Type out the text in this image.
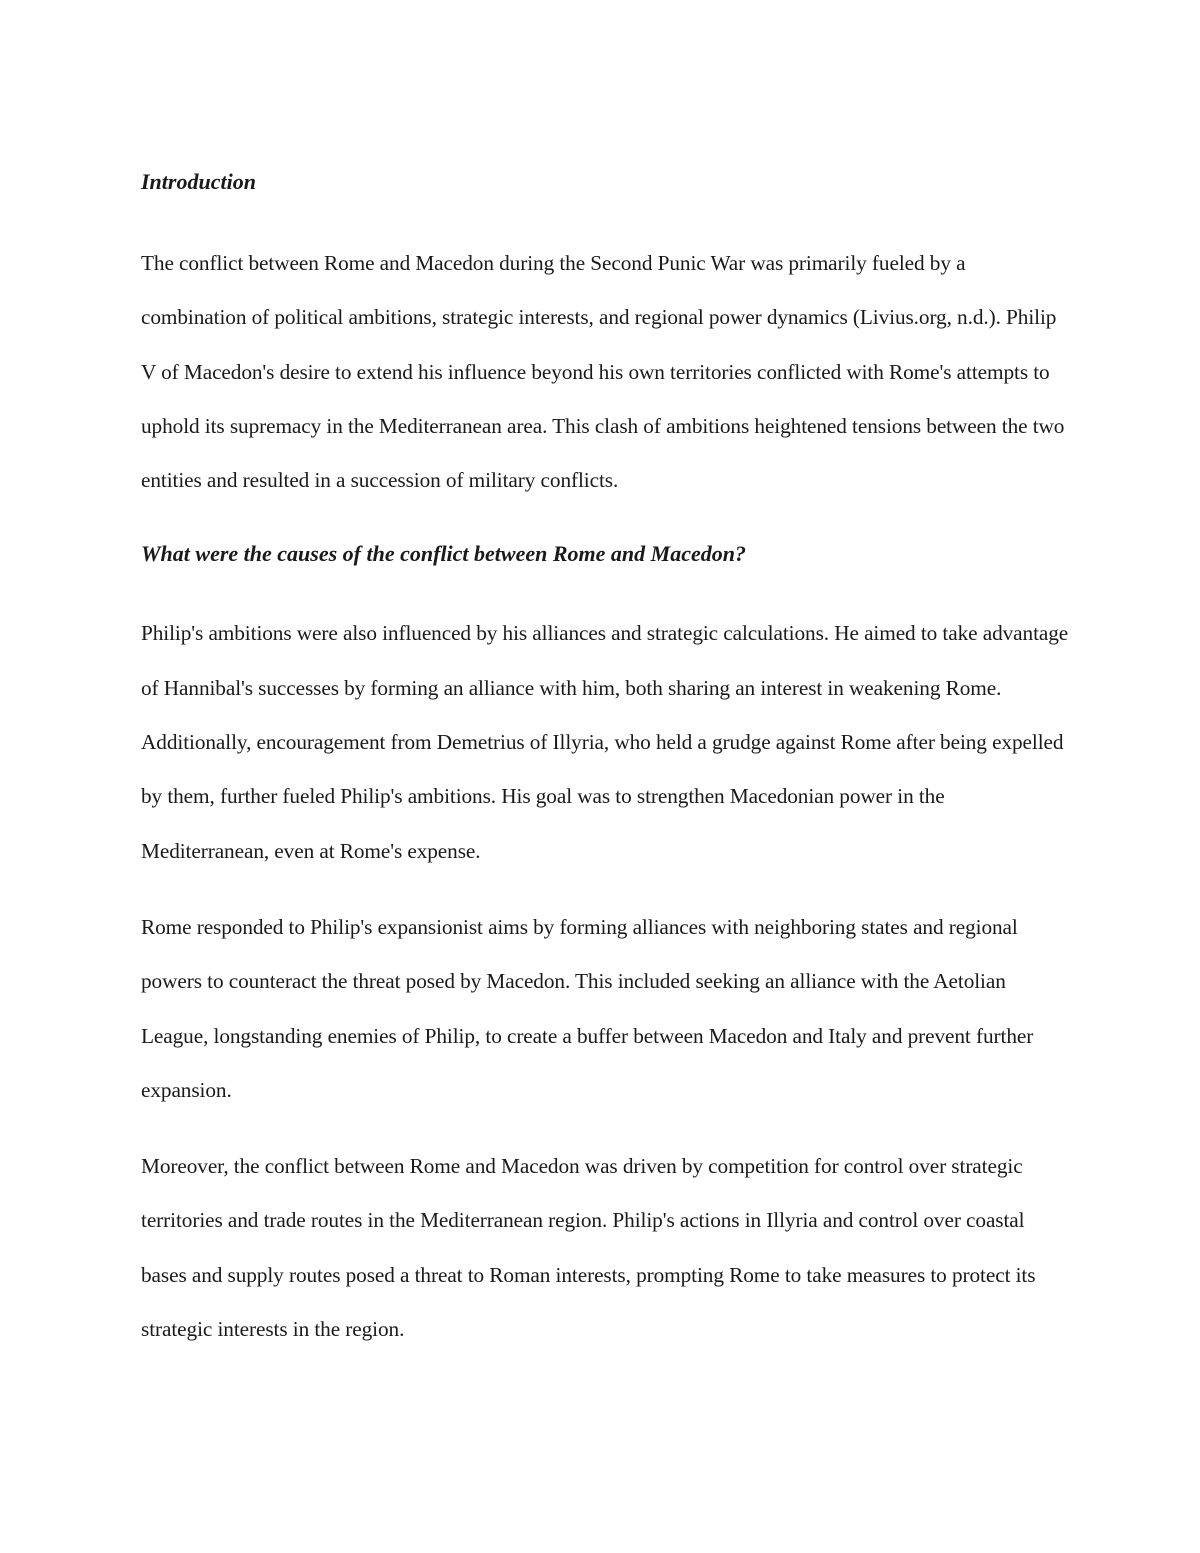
Introduction

The conflict between Rome and Macedon during the Second Punic War was primarily fueled by a combination of political ambitions, strategic interests, and regional power dynamics (Livius.org, n.d.). Philip V of Macedon's desire to extend his influence beyond his own territories conflicted with Rome's attempts to uphold its supremacy in the Mediterranean area. This clash of ambitions heightened tensions between the two entities and resulted in a succession of military conflicts.

What were the causes of the conflict between Rome and Macedon?

Philip's ambitions were also influenced by his alliances and strategic calculations. He aimed to take advantage of Hannibal's successes by forming an alliance with him, both sharing an interest in weakening Rome. Additionally, encouragement from Demetrius of Illyria, who held a grudge against Rome after being expelled by them, further fueled Philip's ambitions. His goal was to strengthen Macedonian power in the Mediterranean, even at Rome's expense.

Rome responded to Philip's expansionist aims by forming alliances with neighboring states and regional powers to counteract the threat posed by Macedon. This included seeking an alliance with the Aetolian League, longstanding enemies of Philip, to create a buffer between Macedon and Italy and prevent further expansion.

Moreover, the conflict between Rome and Macedon was driven by competition for control over strategic territories and trade routes in the Mediterranean region. Philip's actions in Illyria and control over coastal bases and supply routes posed a threat to Roman interests, prompting Rome to take measures to protect its strategic interests in the region.
